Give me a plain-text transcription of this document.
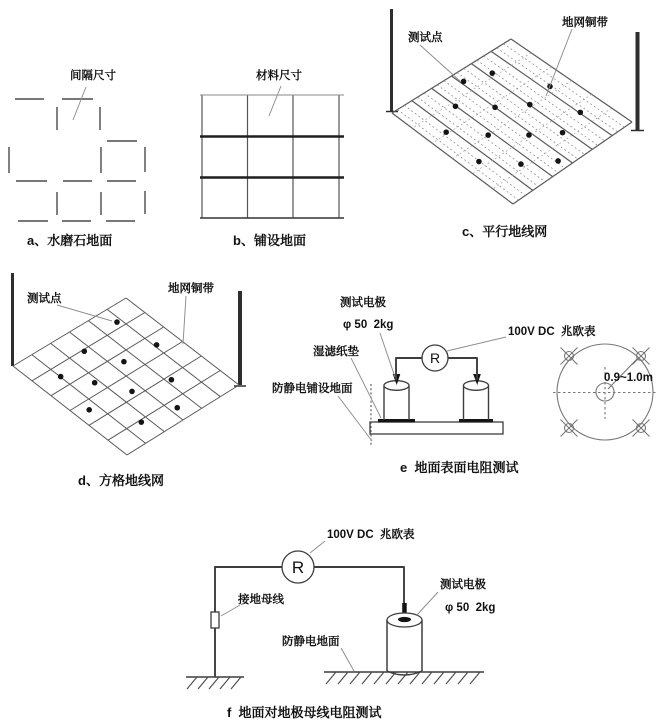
间隔尺寸
a、水磨石地面
材料尺寸
b、铺设地面
测试点
地网铜带
c、平行地线网
测试点
地网铜带
d、方格地线网
R
测试电极
φ 50  2kg
湿滤纸垫
防静电铺设地面
100V DC  兆欧表
0.9~1.0m
e  地面表面电阻测试
R
100V DC  兆欧表
接地母线
防静电地面
测试电极
φ 50  2kg
f  地面对地极母线电阻测试
